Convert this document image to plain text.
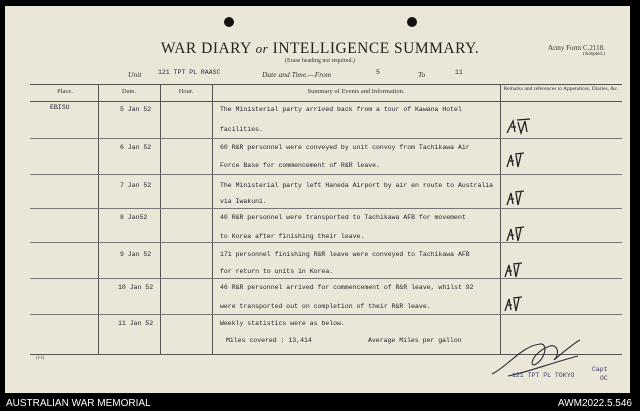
WAR DIARY or INTELLIGENCE SUMMARY.
(Erase heading not required.)
Army Form C.2118.
(Adopted.)
Unit	121 TPT PL RAASC	Date and Time.—From	5	To	11
Place.	Date.	Hour.	Summary of Events and Information.	Remarks and references to Appendices, Diaries, &c.
EBISU	5 Jan 52	The Ministerial party arrived back from a tour of Kawana Hotel
facilities.
6 Jan 52	60 R&R personnel were conveyed by unit convoy from Tachikawa Air
Force Base for commencement of R&R leave.
7 Jan 52	The Ministerial party left Haneda Airport by air en route to Australia
via Iwakuni.
8 Jan52	40 R&R personnel were transported to Tachikawa AFB for movement
to Korea after finishing their leave.
9 Jan 52	171 personnel finishing R&R leave were conveyed to Tachikawa AFB
for return to units in Korea.
10 Jan 52	46 R&R personnel arrived for commencement of R&R leave, whilst 92
were transported out on completion of their R&R leave.
11 Jan 52	Weekly statistics were as below.
Miles covered : 13,414	Average Miles per gallon
(11)
121 TPT PL TOKYO
Capt
OC
AUSTRALIAN WAR MEMORIAL	AWM2022.5.546
